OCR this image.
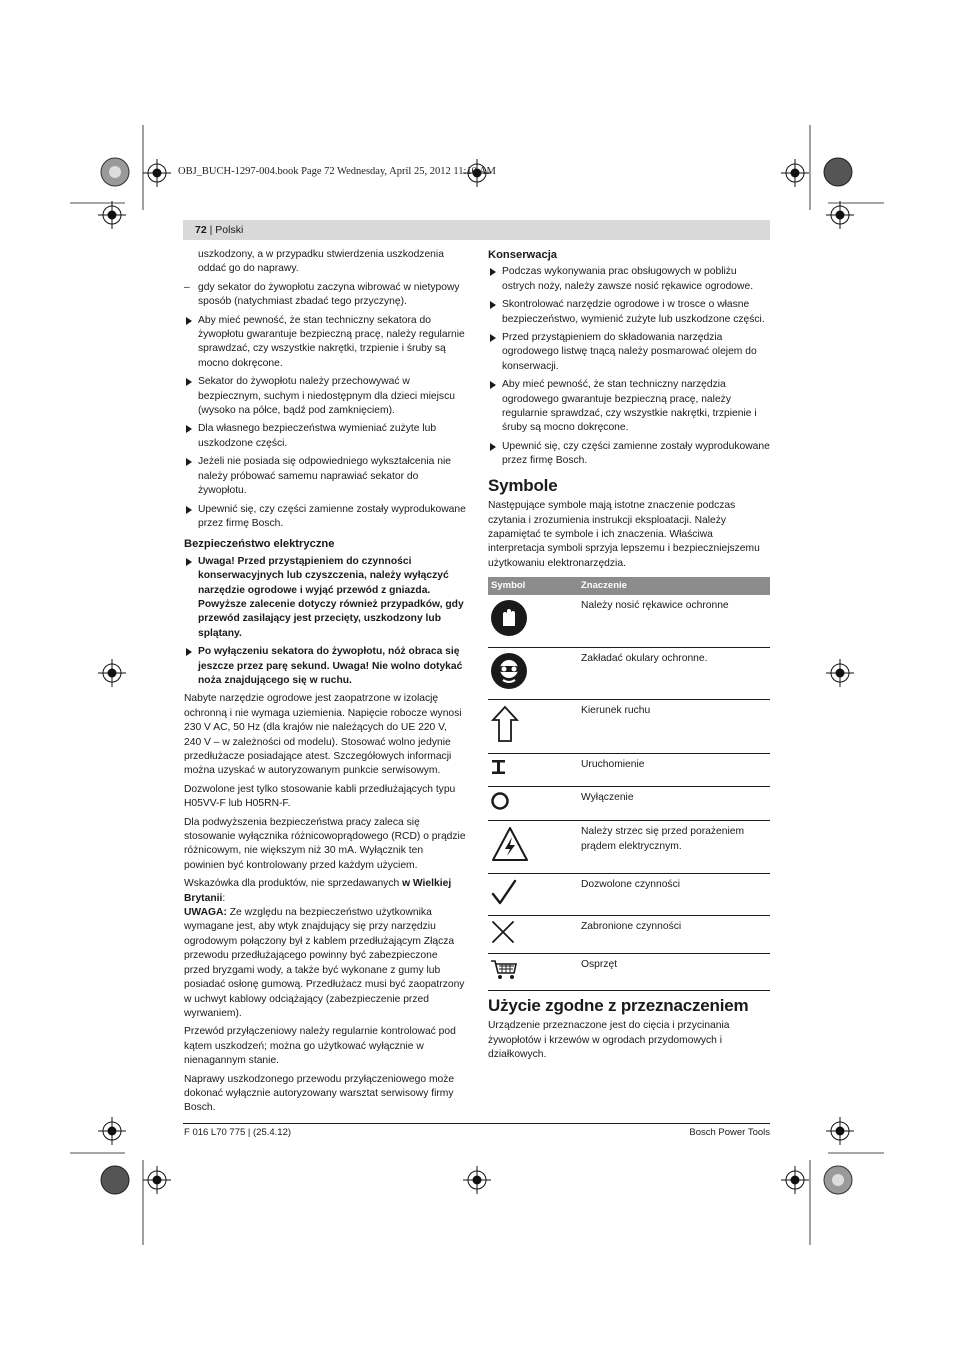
OBJ_BUCH-1297-004.book Page 72 Wednesday, April 25, 2012 11:10 AM
72 | Polski

uszkodzony, a w przypadku stwierdzenia uszkodzenia oddać go do naprawy.

– gdy sekator do żywopłotu zaczyna wibrować w nietypowy sposób (natychmiast zbadać tego przyczynę).
Aby mieć pewność, że stan techniczny sekatora do żywopłotu gwarantuje bezpieczną pracę, należy regularnie sprawdzać, czy wszystkie nakrętki, trzpienie i śruby są mocno dokręcone.
Sekator do żywopłotu należy przechowywać w bezpiecznym, suchym i niedostępnym dla dzieci miejscu (wysoko na półce, bądź pod zamknięciem).
Dla własnego bezpieczeństwa wymieniać zużyte lub uszkodzone części.
Jeżeli nie posiada się odpowiedniego wykształcenia nie należy próbować samemu naprawiać sekator do żywopłotu.
Upewnić się, czy części zamienne zostały wyprodukowane przez firmę Bosch.
Bezpieczeństwo elektryczne
Uwaga! Przed przystąpieniem do czynności konserwacyjnych lub czyszczenia, należy wyłączyć narzędzie ogrodowe i wyjąć przewód z gniazda. Powyższe zalecenie dotyczy również przypadków, gdy przewód zasilający jest przecięty, uszkodzony lub splątany.
Po wyłączeniu sekatora do żywopłotu, nóż obraca się jeszcze przez parę sekund. Uwaga! Nie wolno dotykać noża znajdującego się w ruchu.

Nabyte narzędzie ogrodowe jest zaopatrzone w izolację ochronną i nie wymaga uziemienia. Napięcie robocze wynosi 230 V AC, 50 Hz (dla krajów nie należących do UE 220 V, 240 V – w zależności od modelu). Stosować wolno jedynie przedłużacze posiadające atest. Szczegółowych informacji można uzyskać w autoryzowanym punkcie serwisowym.

Dozwolone jest tylko stosowanie kabli przedłużających typu H05VV-F lub H05RN-F.

Dla podwyższenia bezpieczeństwa pracy zaleca się stosowanie wyłącznika różnicowoprądowego (RCD) o prądzie różnicowym, nie większym niż 30 mA. Wyłącznik ten powinien być kontrolowany przed każdym użyciem.

Wskazówka dla produktów, nie sprzedawanych w Wielkiej Brytanii:

UWAGA: Ze względu na bezpieczeństwo użytkownika wymagane jest, aby wtyk znajdujący się przy narzędziu ogrodowym połączony był z kablem przedłużającym Złącza przewodu przedłużającego powinny być zabezpieczone przed bryzgami wody, a także być wykonane z gumy lub posiadać osłonę gumową. Przedłużacz musi być zaopatrzony w uchwyt kablowy odciążający (zabezpieczenie przed wyrwaniem).

Przewód przyłączeniowy należy regularnie kontrolować pod kątem uszkodzeń; można go użytkować wyłącznie w nienagannym stanie.

Naprawy uszkodzonego przewodu przyłączeniowego może dokonać wyłącznie autoryzowany warsztat serwisowy firmy Bosch.

Konserwacja
Podczas wykonywania prac obsługowych w pobliżu ostrych noży, należy zawsze nosić rękawice ogrodowe.
Skontrolować narzędzie ogrodowe i w trosce o własne bezpieczeństwo, wymienić zużyte lub uszkodzone części.
Przed przystąpieniem do składowania narzędzia ogrodowego listwę tnącą należy posmarować olejem do konserwacji.
Aby mieć pewność, że stan techniczny narzędzia ogrodowego gwarantuje bezpieczną pracę, należy regularnie sprawdzać, czy wszystkie nakrętki, trzpienie i śruby są mocno dokręcone.
Upewnić się, czy części zamienne zostały wyprodukowane przez firmę Bosch.
Symbole

Następujące symbole mają istotne znaczenie podczas czytania i zrozumienia instrukcji eksploatacji. Należy zapamiętać te symbole i ich znaczenia. Właściwa interpretacja symboli sprzyja lepszemu i bezpieczniejszemu użytkowaniu elektronarzędzia.

Symbol	Znaczenie
	Należy nosić rękawice ochronne
	Zakładać okulary ochronne.
	Kierunek ruchu
	Uruchomienie
	Wyłączenie
	Należy strzec się przed porażeniem prądem elektrycznym.
	Dozwolone czynności
	Zabronione czynności
	Osprzęt
Użycie zgodne z przeznaczeniem

Urządzenie przeznaczone jest do cięcia i przycinania żywopłotów i krzewów w ogrodach przydomowych i działkowych.

F 016 L70 775 | (25.4.12)	Bosch Power Tools
